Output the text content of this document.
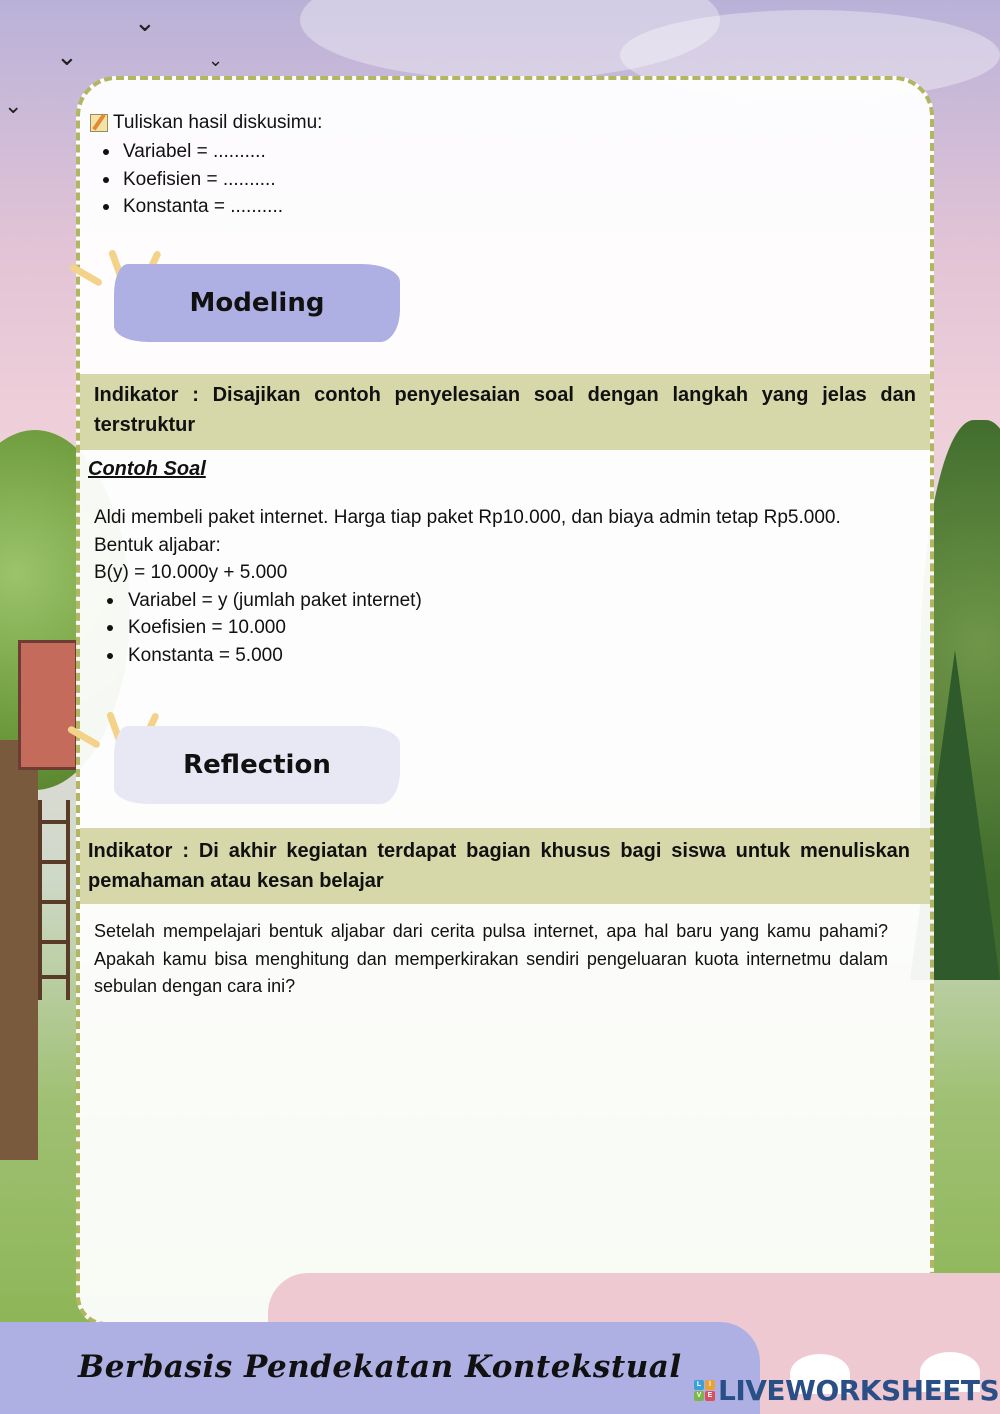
⌄
⌄	⌄
⌄
Tuliskan hasil diskusimu:
Variabel = ..........
Koefisien = ..........
Konstanta = ..........
Modeling
Indikator : Disajikan contoh penyelesaian soal dengan langkah yang jelas dan terstruktur
Contoh Soal
Aldi membeli paket internet. Harga tiap paket Rp10.000, dan biaya admin tetap Rp5.000.
Bentuk aljabar:
B(y) = 10.000y + 5.000
Variabel = y (jumlah paket internet)
Koefisien = 10.000
Konstanta = 5.000
Reflection
Indikator : Di akhir kegiatan terdapat bagian khusus bagi siswa untuk menuliskan pemahaman atau kesan belajar
Setelah mempelajari bentuk aljabar dari cerita pulsa internet, apa hal baru yang kamu pahami? Apakah kamu bisa menghitung dan memperkirakan sendiri pengeluaran kuota internetmu dalam sebulan dengan cara ini?
Berbasis Pendekatan Kontekstual	L	I
V E LIVEWORKSHEETS
